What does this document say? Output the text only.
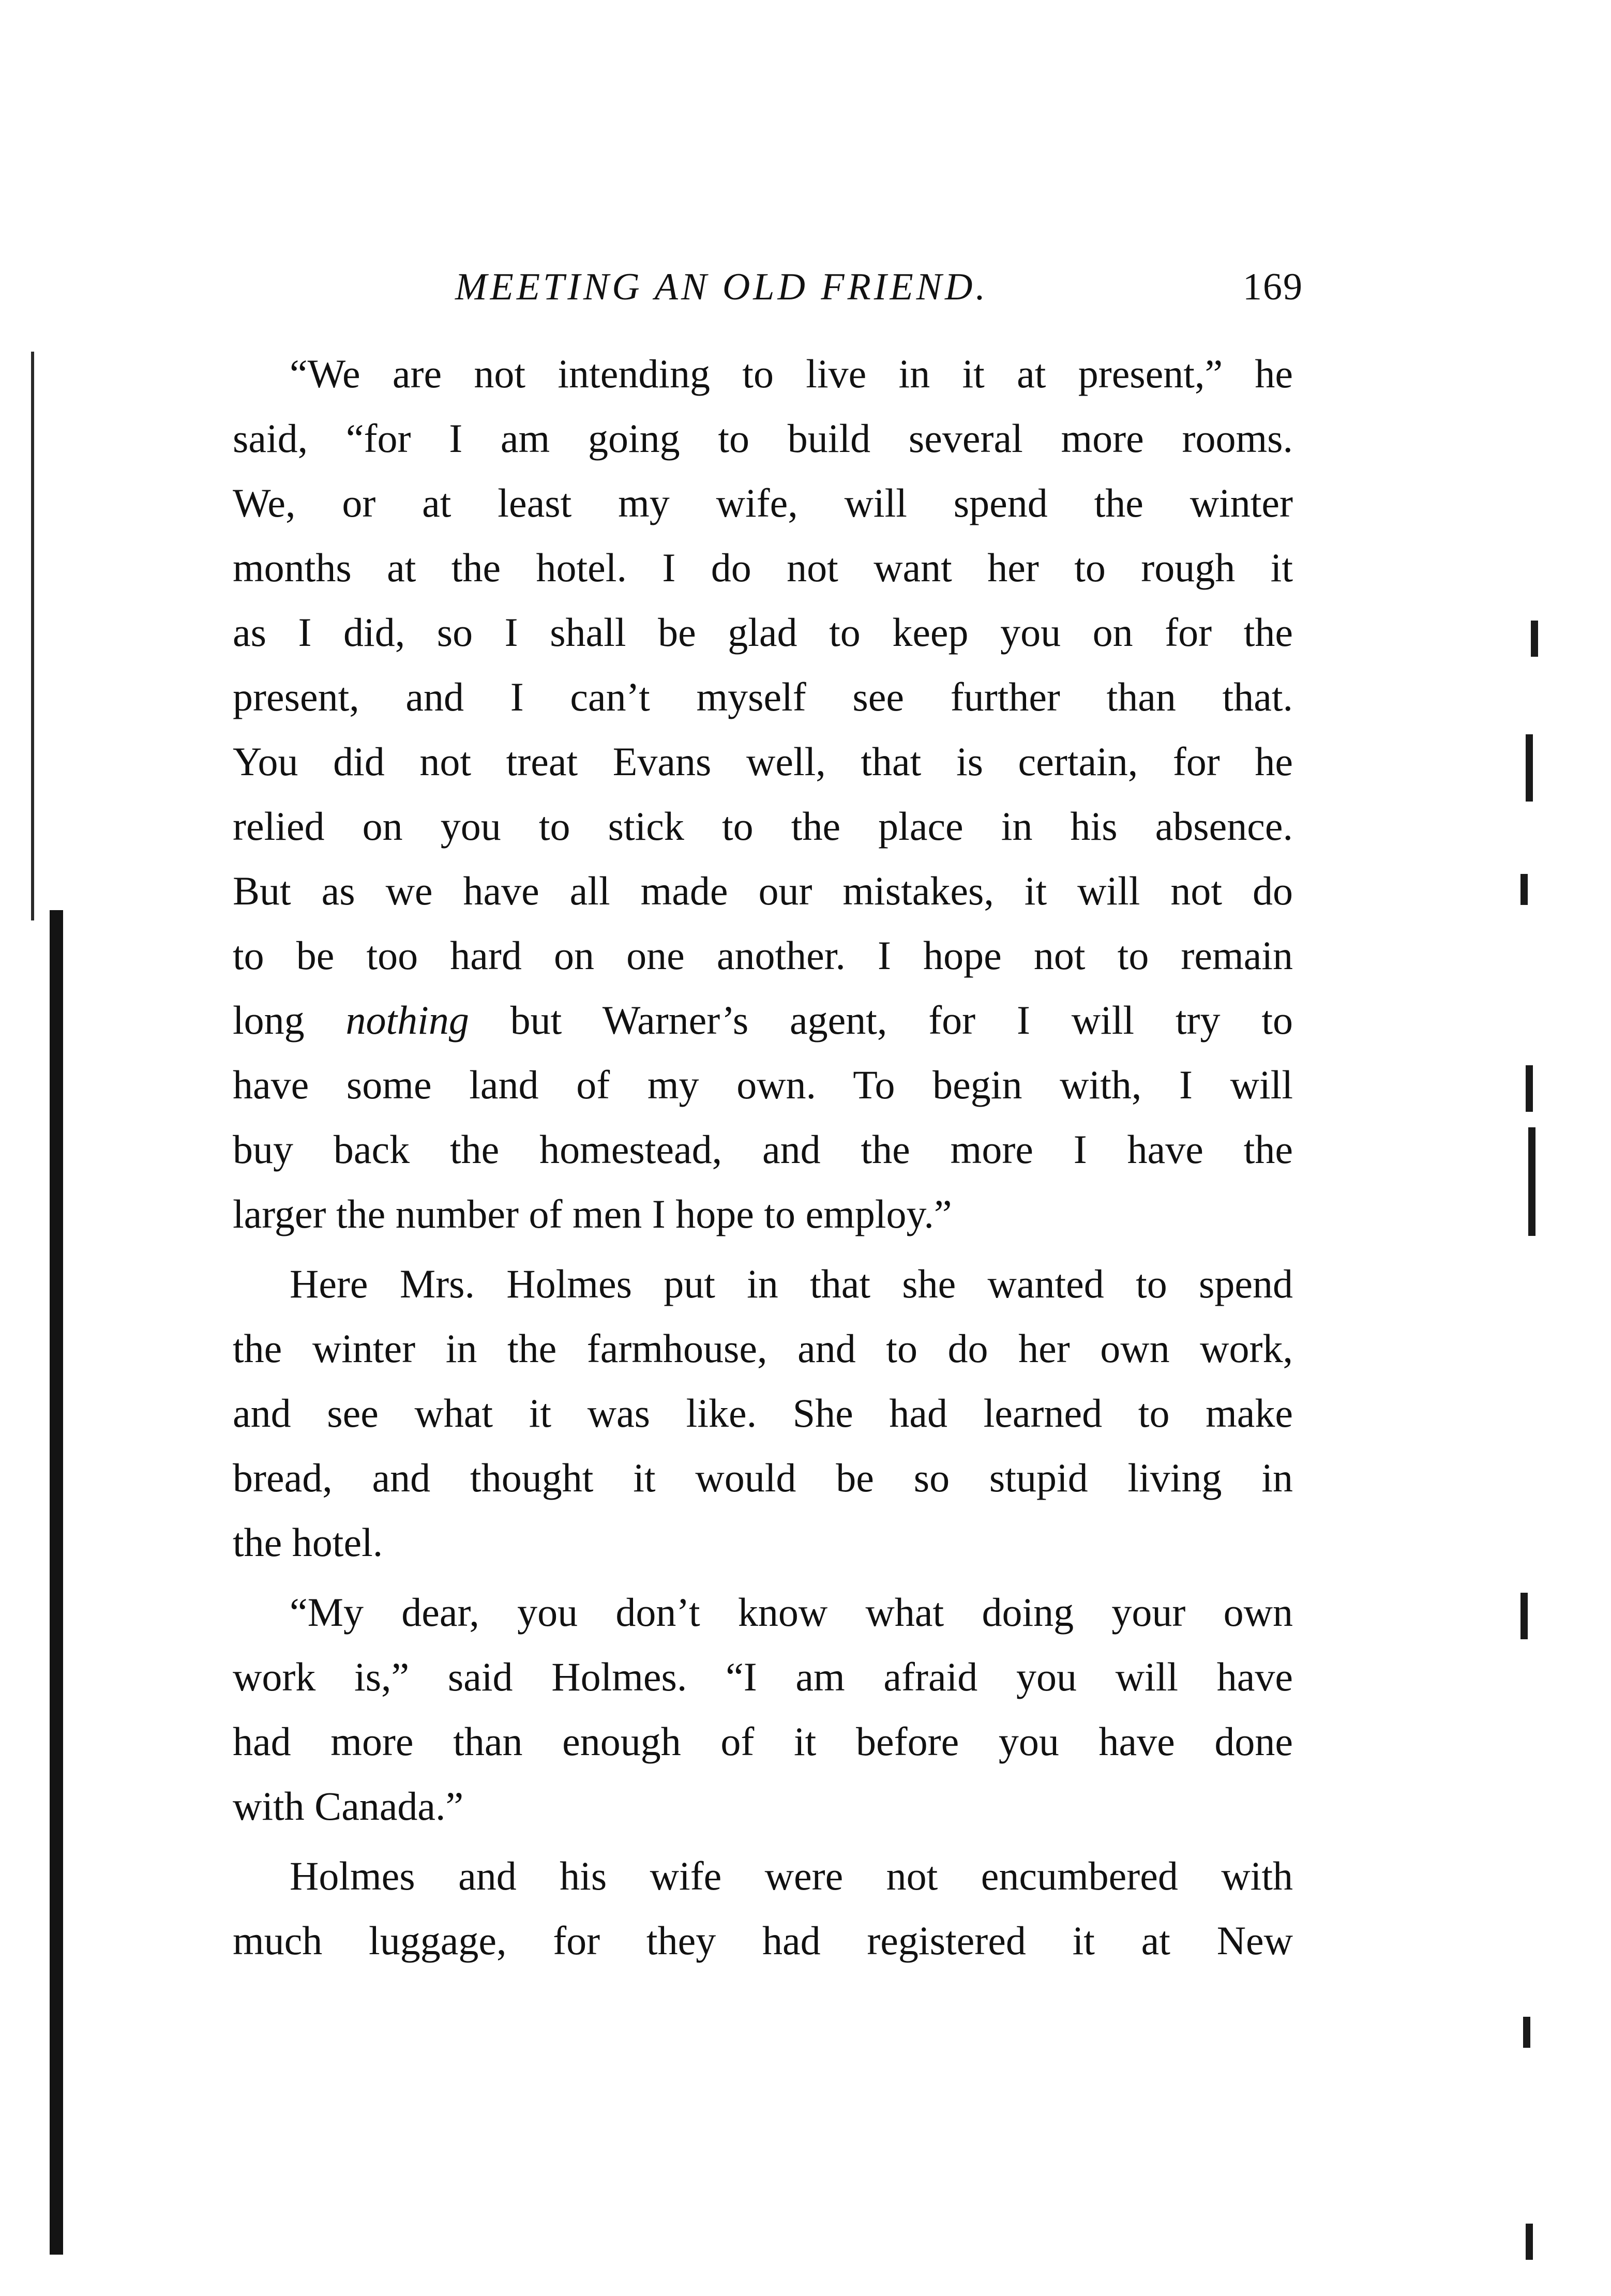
MEETING AN OLD FRIEND.	169
“We are not intending to live in it at present,” he
said, “for I am going to build several more rooms.
We, or at least my wife, will spend the winter
months at the hotel. I do not want her to rough it
as I did, so I shall be glad to keep you on for the
present, and I can’t myself see further than that.
You did not treat Evans well, that is certain, for he
relied on you to stick to the place in his absence.
But as we have all made our mistakes, it will not do
to be too hard on one another. I hope not to remain
long nothing but Warner’s agent, for I will try to
have some land of my own. To begin with, I will
buy back the homestead, and the more I have the
larger the number of men I hope to employ.”
Here Mrs. Holmes put in that she wanted to spend
the winter in the farmhouse, and to do her own work,
and see what it was like. She had learned to make
bread, and thought it would be so stupid living in
the hotel.
“My dear, you don’t know what doing your own
work is,” said Holmes. “I am afraid you will have
had more than enough of it before you have done
with Canada.”
Holmes and his wife were not encumbered with
much luggage, for they had registered it at New
